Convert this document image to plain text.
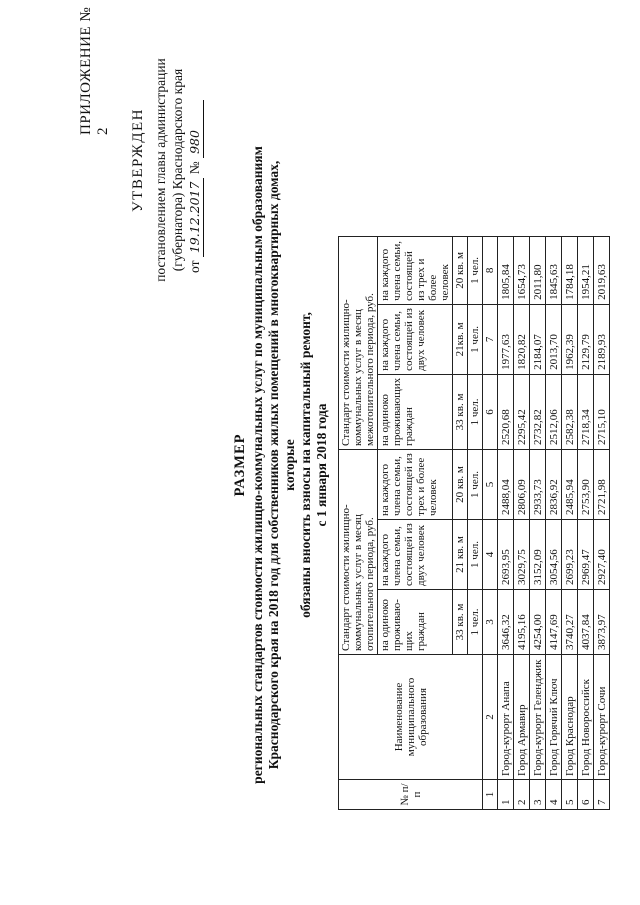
ПРИЛОЖЕНИЕ № 2 УТВЕРЖДЕН постановлением главы администрации (губернатора) Краснодарского края от 19.12.2017 № 980
РАЗМЕР региональных стандартов стоимости жилищно-коммунальных услуг по муниципальным образованиям Краснодарского края на 2018 год для собственников жилых помещений в многоквартирных домах, которые обязаны вносить взносы на капитальный ремонт, с 1 января 2018 года
№ п/п	Наименование муниципального образования	Стандарт стоимости жилищно-коммунальных услуг в месяц отопительного периода, руб.			Стандарт стоимости жилищно-коммунальных услуг в месяц межотопительного периода, руб.		
		на одиноко проживаю-щих граждан	на каждого члена семьи, состоящей из двух человек	на каждого члена семьи, состоящей из трех и более человек	на одиноко проживающих граждан	на каждого члена семьи, состоящей из двух человек	на каждого члена семьи, состоящей из трех и более человек
		33 кв. м	21 кв. м	20 кв. м	33 кв. м	21кв. м	20 кв. м
		1 чел.	1 чел.	1 чел.	1 чел.	1 чел.	1 чел.
1	2	3	4	5	6	7	8
1	Город-курорт Анапа	3646,32	2693,95	2488,04	2520,68	1977,63	1805,84
2	Город Армавир	4195,16	3029,75	2806,09	2295,42	1820,82	1654,73
3	Город-курорт Геленджик	4254,00	3152,09	2933,73	2732,82	2184,07	2011,80
4	Город Горячий Ключ	4147,69	3054,56	2836,92	2512,06	2013,70	1845,63
5	Город Краснодар	3740,27	2699,23	2485,94	2582,38	1962,39	1784,18
6	Город Новороссийск	4037,84	2969,47	2753,90	2718,34	2129,79	1954,21
7	Город-курорт Сочи	3873,97	2927,40	2721,98	2715,10	2189,93	2019,63
